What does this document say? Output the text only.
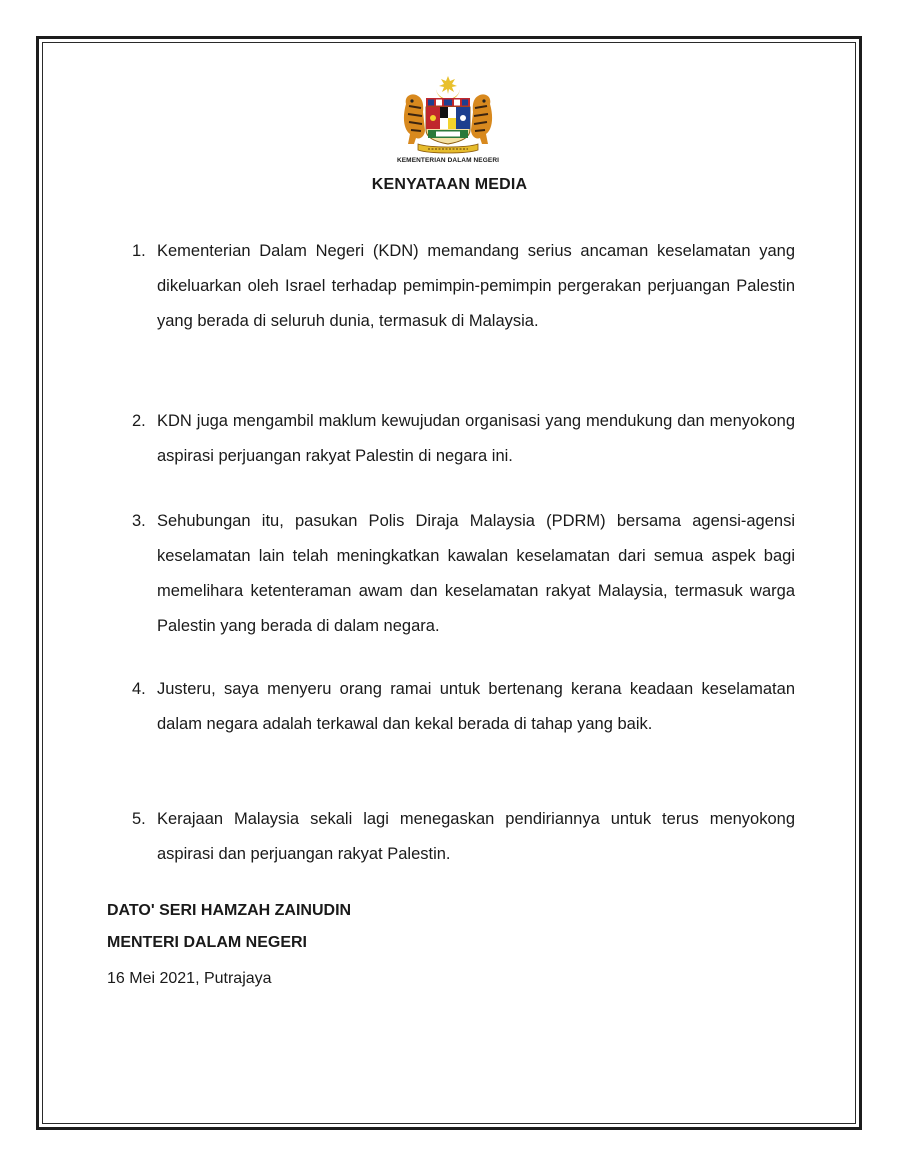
KEMENTERIAN DALAM NEGERI
KENYATAAN MEDIA
1. Kementerian Dalam Negeri (KDN) memandang serius ancaman keselamatan yang dikeluarkan oleh Israel terhadap pemimpin-pemimpin pergerakan perjuangan Palestin yang berada di seluruh dunia, termasuk di Malaysia.
2. KDN juga mengambil maklum kewujudan organisasi yang mendukung dan menyokong aspirasi perjuangan rakyat Palestin di negara ini.
3. Sehubungan itu, pasukan Polis Diraja Malaysia (PDRM) bersama agensi-agensi keselamatan lain telah meningkatkan kawalan keselamatan dari semua aspek bagi memelihara ketenteraman awam dan keselamatan rakyat Malaysia, termasuk warga Palestin yang berada di dalam negara.
4. Justeru, saya menyeru orang ramai untuk bertenang kerana keadaan keselamatan dalam negara adalah terkawal dan kekal berada di tahap yang baik.
5. Kerajaan Malaysia sekali lagi menegaskan pendiriannya untuk terus menyokong aspirasi dan perjuangan rakyat Palestin.
DATO' SERI HAMZAH ZAINUDIN
MENTERI DALAM NEGERI
16 Mei 2021, Putrajaya
